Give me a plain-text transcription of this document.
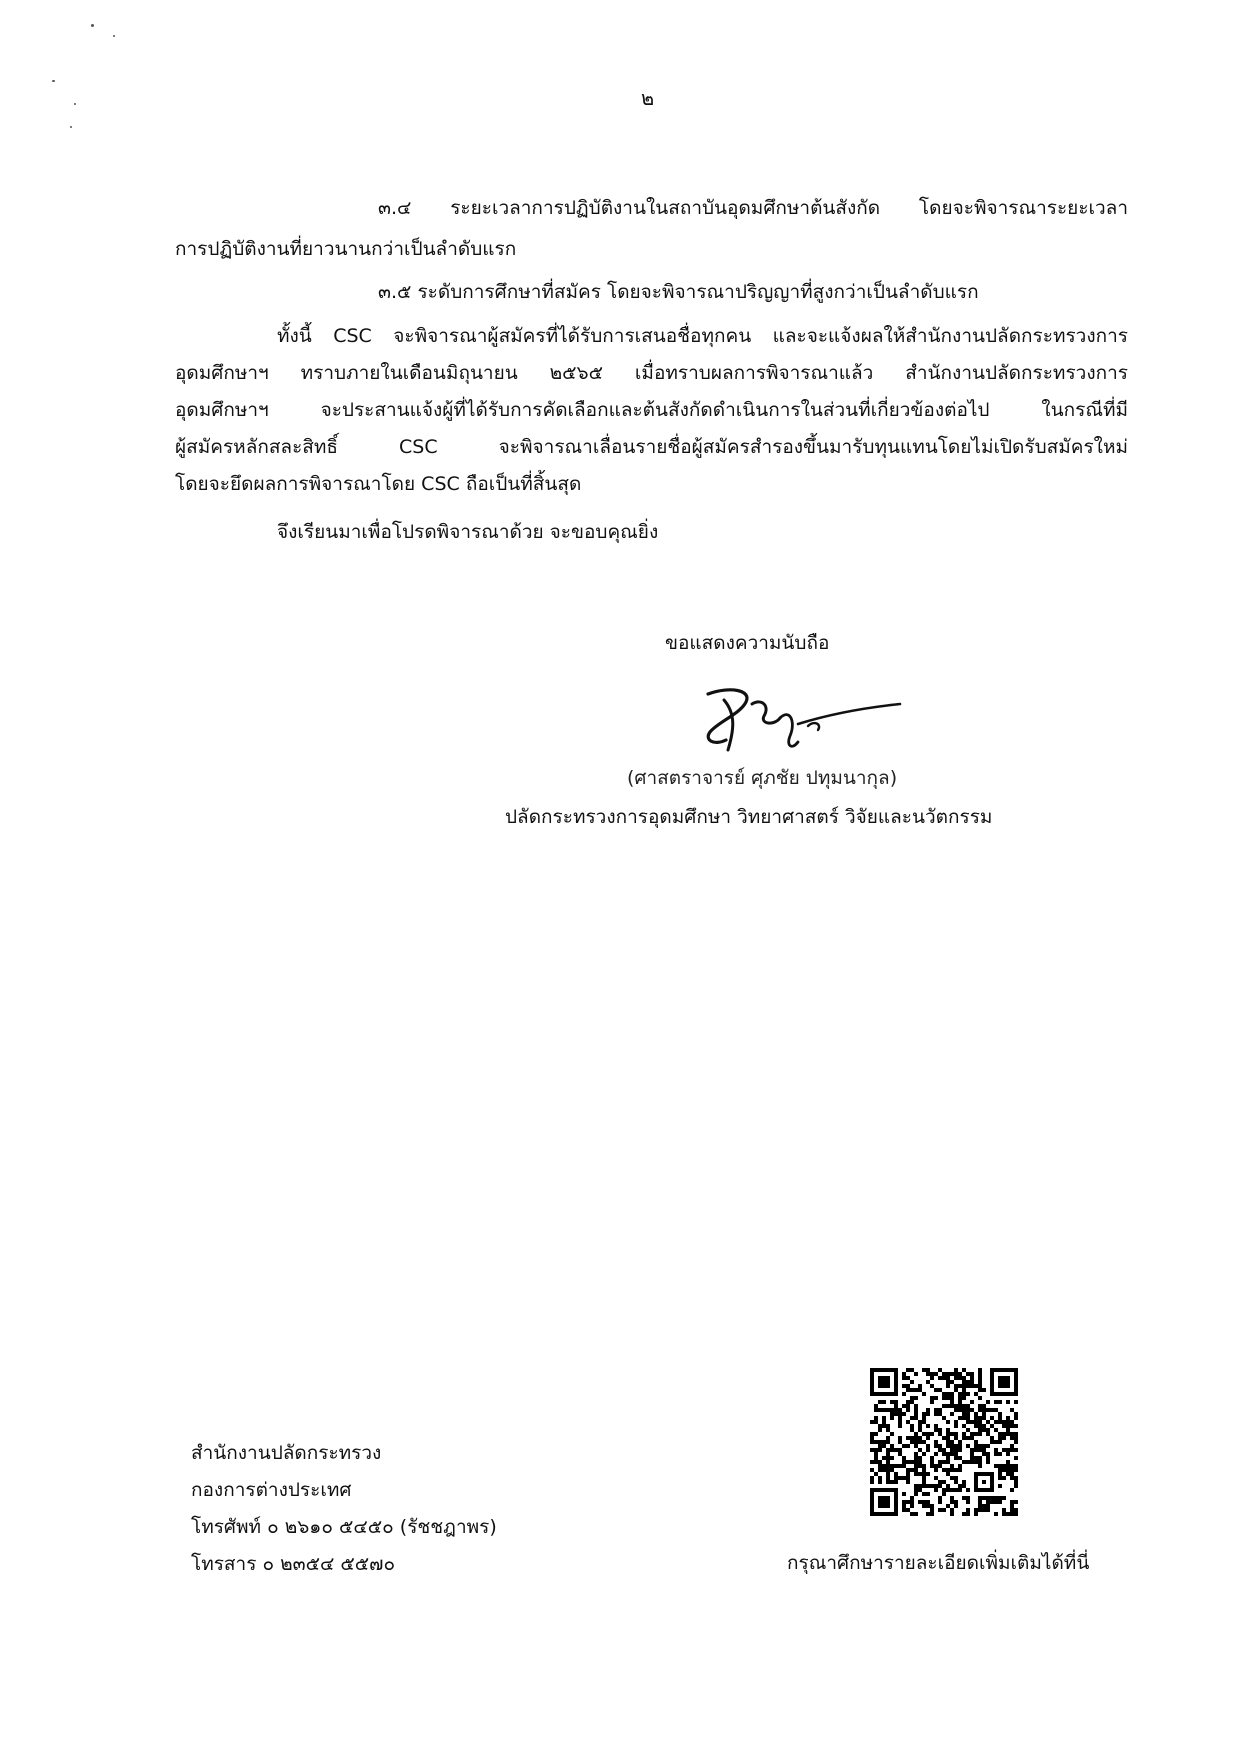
๒
๓.๔ ระยะเวลาการปฏิบัติงานในสถาบันอุดมศึกษาต้นสังกัด โดยจะพิจารณาระยะเวลา
การปฏิบัติงานที่ยาวนานกว่าเป็นลำดับแรก
๓.๕ ระดับการศึกษาที่สมัคร โดยจะพิจารณาปริญญาที่สูงกว่าเป็นลำดับแรก
ทั้งนี้ CSC จะพิจารณาผู้สมัครที่ได้รับการเสนอชื่อทุกคน และจะแจ้งผลให้สำนักงานปลัดกระทรวงการ
อุดมศึกษาฯ ทราบภายในเดือนมิถุนายน ๒๕๖๕ เมื่อทราบผลการพิจารณาแล้ว สำนักงานปลัดกระทรวงการ
อุดมศึกษาฯ จะประสานแจ้งผู้ที่ได้รับการคัดเลือกและต้นสังกัดดำเนินการในส่วนที่เกี่ยวข้องต่อไป ในกรณีที่มี
ผู้สมัครหลักสละสิทธิ์ CSC จะพิจารณาเลื่อนรายชื่อผู้สมัครสำรองขึ้นมารับทุนแทนโดยไม่เปิดรับสมัครใหม่
โดยจะยึดผลการพิจารณาโดย CSC ถือเป็นที่สิ้นสุด
จึงเรียนมาเพื่อโปรดพิจารณาด้วย จะขอบคุณยิ่ง
ขอแสดงความนับถือ
(ศาสตราจารย์ ศุภชัย ปทุมนากุล)
ปลัดกระทรวงการอุดมศึกษา วิทยาศาสตร์ วิจัยและนวัตกรรม
สำนักงานปลัดกระทรวง
กองการต่างประเทศ
โทรศัพท์ ๐ ๒๖๑๐ ๕๔๕๐ (รัชชฎาพร)
โทรสาร ๐ ๒๓๕๔ ๕๕๗๐	กรุณาศึกษารายละเอียดเพิ่มเติมได้ที่นี่
